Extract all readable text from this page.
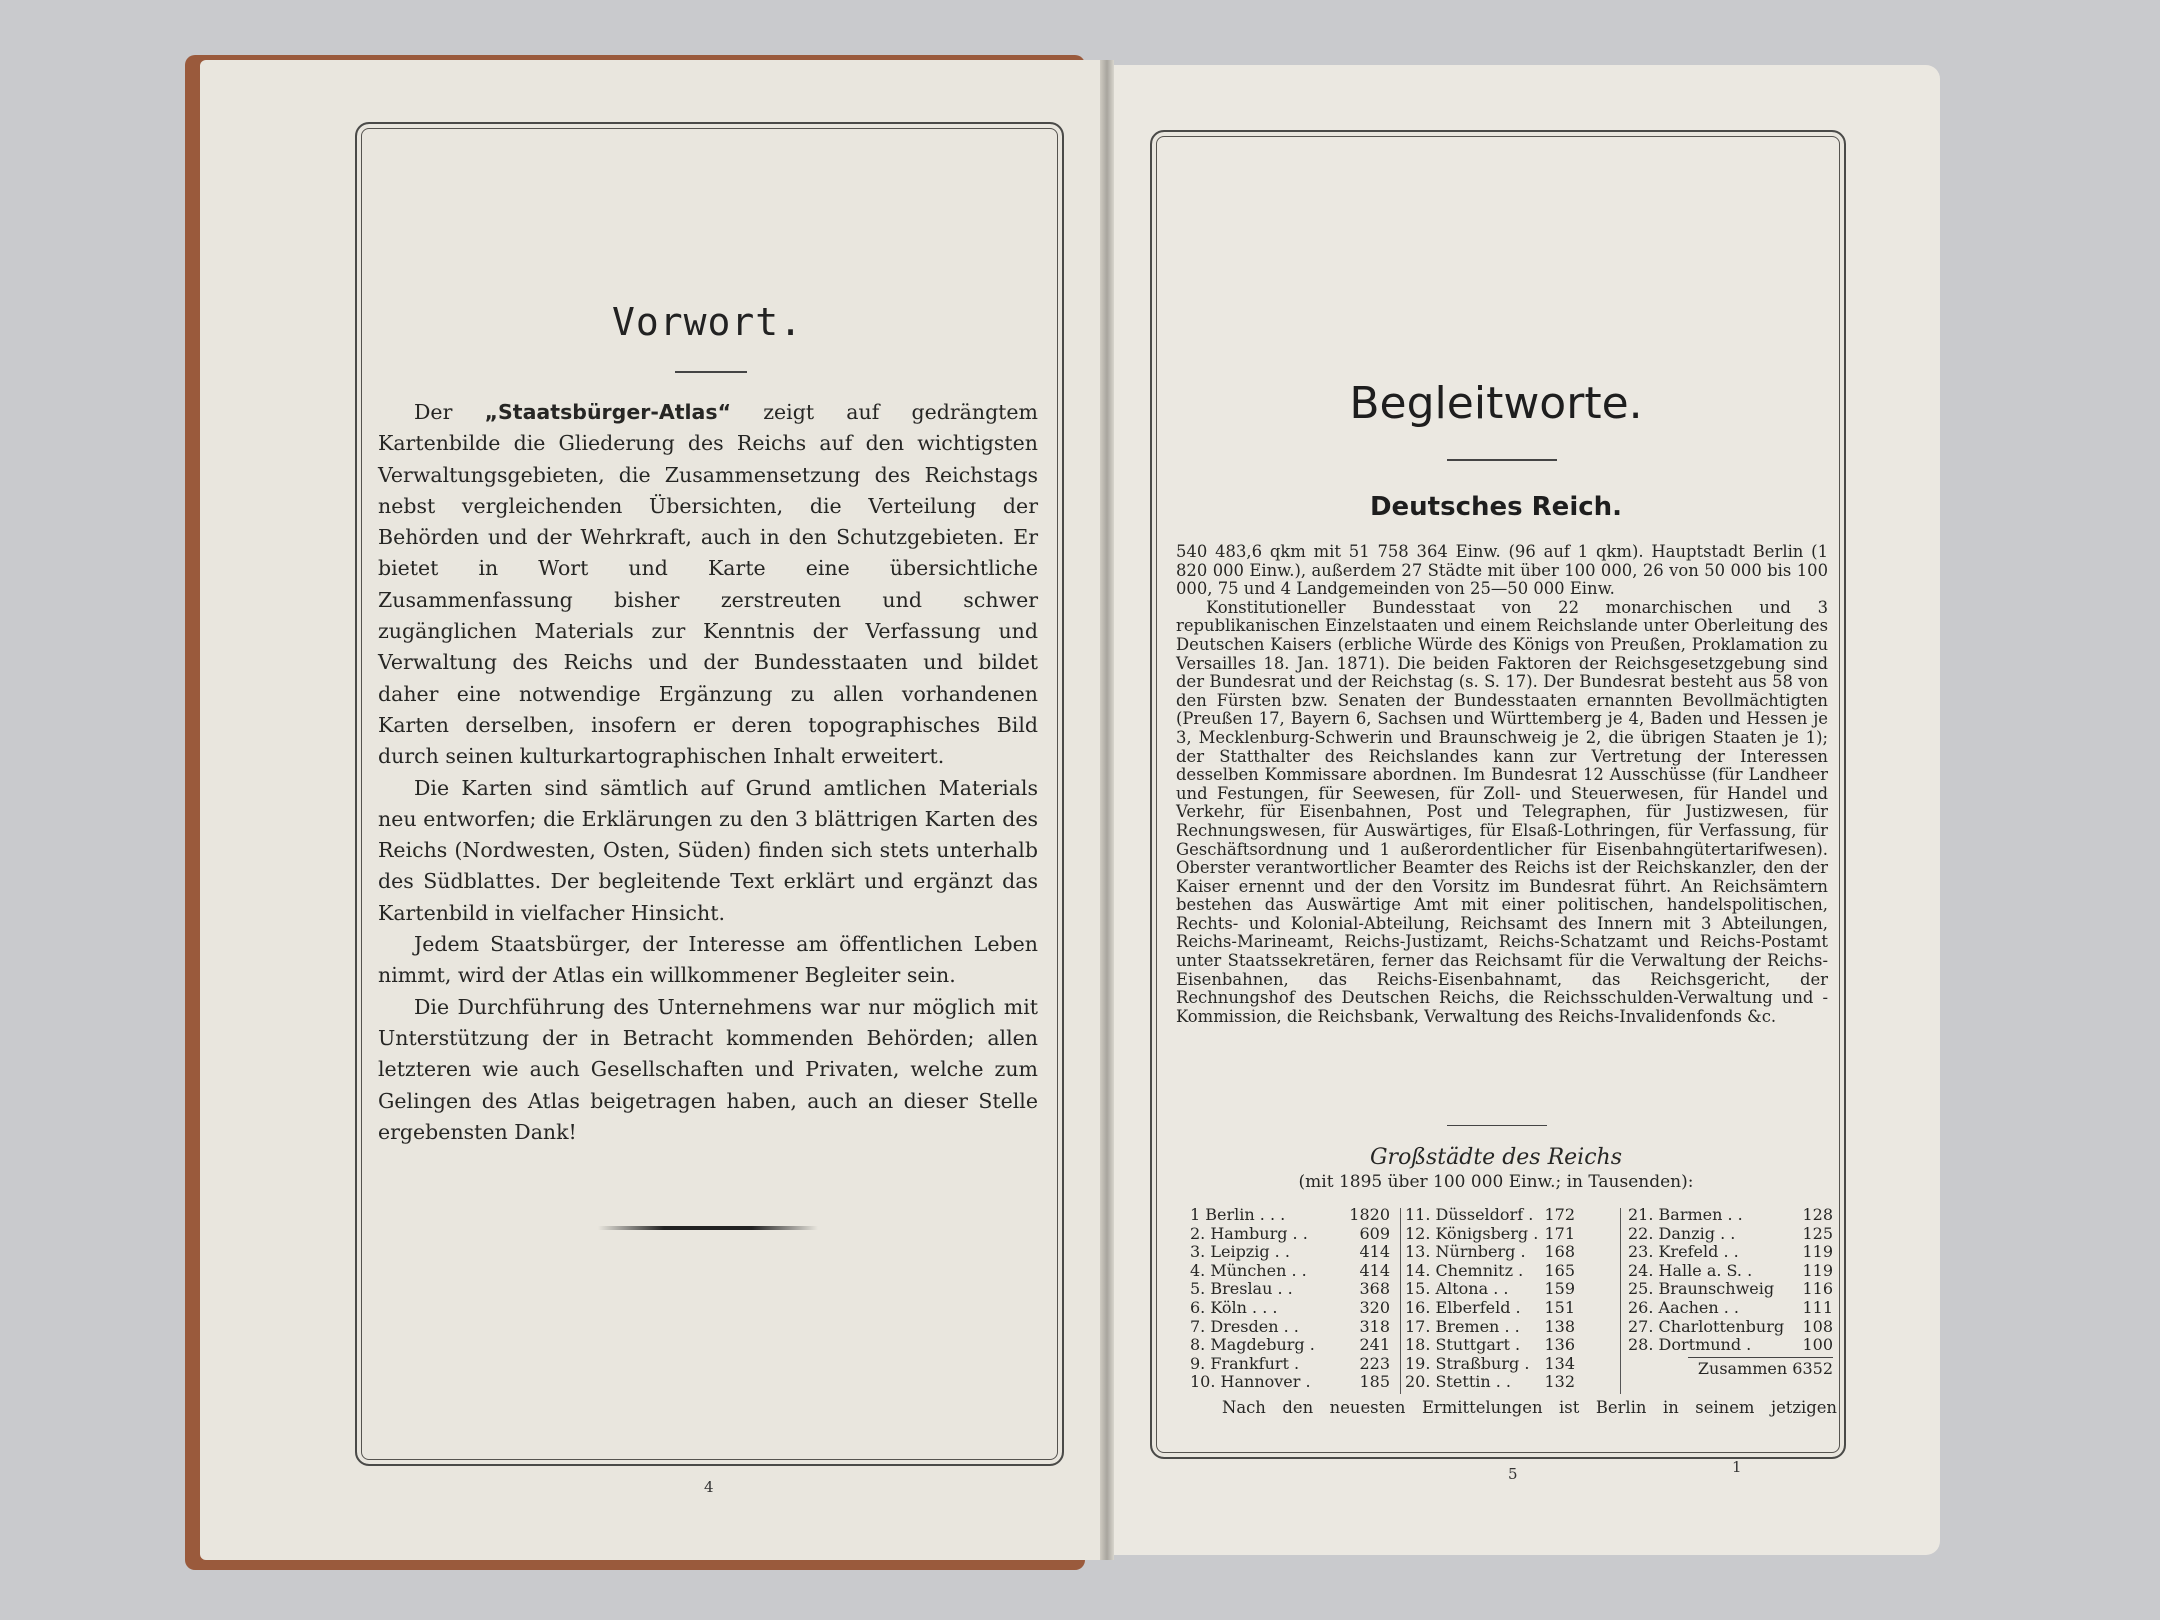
Vorwort.

Der „Staatsbürger-Atlas“ zeigt auf gedrängtem Kartenbilde die Gliederung des Reichs auf den wichtigsten Verwaltungsgebieten, die Zusammensetzung des Reichstags nebst vergleichenden Übersichten, die Verteilung der Behörden und der Wehrkraft, auch in den Schutzgebieten. Er bietet in Wort und Karte eine übersichtliche Zusammenfassung bisher zerstreuten und schwer zugänglichen Materials zur Kenntnis der Verfassung und Verwaltung des Reichs und der Bundesstaaten und bildet daher eine notwendige Ergänzung zu allen vorhandenen Karten derselben, insofern er deren topographisches Bild durch seinen kulturkartographischen Inhalt erweitert.

Die Karten sind sämtlich auf Grund amtlichen Materials neu entworfen; die Erklärungen zu den 3 blättrigen Karten des Reichs (Nordwesten, Osten, Süden) finden sich stets unterhalb des Südblattes. Der begleitende Text erklärt und ergänzt das Kartenbild in vielfacher Hinsicht.

Jedem Staatsbürger, der Interesse am öffentlichen Leben nimmt, wird der Atlas ein willkommener Begleiter sein.

Die Durchführung des Unternehmens war nur möglich mit Unterstützung der in Betracht kommenden Behörden; allen letzteren wie auch Gesellschaften und Privaten, welche zum Gelingen des Atlas beigetragen haben, auch an dieser Stelle ergebensten Dank!

4
Begleitworte.
Deutsches Reich.

540 483,6 qkm mit 51 758 364 Einw. (96 auf 1 qkm). Hauptstadt Berlin (1 820 000 Einw.), außerdem 27 Städte mit über 100 000, 26 von 50 000 bis 100 000, 75 und 4 Landgemeinden von 25—50 000 Einw.

Konstitutioneller Bundesstaat von 22 monarchischen und 3 republikanischen Einzelstaaten und einem Reichslande unter Oberleitung des Deutschen Kaisers (erbliche Würde des Königs von Preußen, Proklamation zu Versailles 18. Jan. 1871). Die beiden Faktoren der Reichsgesetzgebung sind der Bundesrat und der Reichstag (s. S. 17). Der Bundesrat besteht aus 58 von den Fürsten bzw. Senaten der Bundesstaaten ernannten Bevollmächtigten (Preußen 17, Bayern 6, Sachsen und Württemberg je 4, Baden und Hessen je 3, Mecklenburg-Schwerin und Braunschweig je 2, die übrigen Staaten je 1); der Statthalter des Reichslandes kann zur Vertretung der Interessen desselben Kommissare abordnen. Im Bundesrat 12 Ausschüsse (für Landheer und Festungen, für Seewesen, für Zoll- und Steuerwesen, für Handel und Verkehr, für Eisenbahnen, Post und Telegraphen, für Justizwesen, für Rechnungswesen, für Auswärtiges, für Elsaß-Lothringen, für Verfassung, für Geschäftsordnung und 1 außerordentlicher für Eisenbahngütertarifwesen). Oberster verantwortlicher Beamter des Reichs ist der Reichskanzler, den der Kaiser ernennt und der den Vorsitz im Bundesrat führt. An Reichsämtern bestehen das Auswärtige Amt mit einer politischen, handelspolitischen, Rechts- und Kolonial-Abteilung, Reichsamt des Innern mit 3 Abteilungen, Reichs-Marineamt, Reichs-Justizamt, Reichs-Schatzamt und Reichs-Postamt unter Staatssekretären, ferner das Reichsamt für die Verwaltung der Reichs-Eisenbahnen, das Reichs-Eisenbahnamt, das Reichsgericht, der Rechnungshof des Deutschen Reichs, die Reichsschulden-Verwaltung und -Kommission, die Reichsbank, Verwaltung des Reichs-Invalidenfonds &c.

Großstädte des Reichs
(mit 1895 über 100 000 Einw.; in Tausenden):
1 Berlin . . .	1820
2. Hamburg . .	609
3. Leipzig . .	414
4. München . .	414
5. Breslau . .	368
6. Köln . . .	320
7. Dresden . .	318
8. Magdeburg .	241
9. Frankfurt .	223
10. Hannover .	185
11. Düsseldorf . 172
12. Königsberg . 171
13. Nürnberg . 168
14. Chemnitz . 165
15. Altona . . 159
16. Elberfeld . 151
17. Bremen . . 138
18. Stuttgart . 136
19. Straßburg . 134
20. Stettin . . 132
21. Barmen . .	128
22. Danzig . .	125
23. Krefeld . .	119
24. Halle a. S. .	119
25. Braunschweig 116
26. Aachen . .	111
27. Charlottenburg 108
28. Dortmund .	100
Zusammen 6352
Nach den neuesten Ermittelungen ist Berlin in seinem jetzigen
5	1
